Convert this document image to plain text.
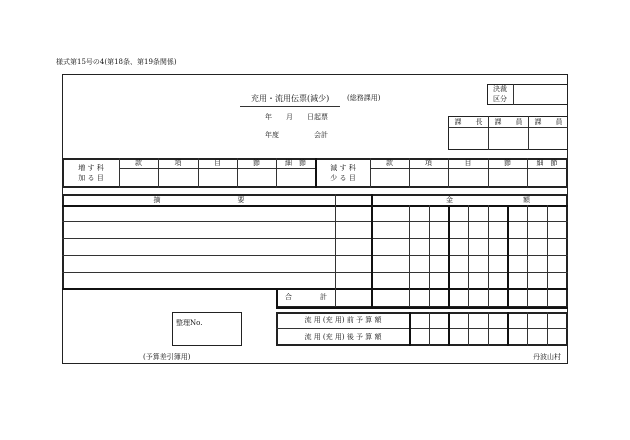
様式第15号の4(第18条、第19条関係)
充用・流用伝票(減少)	(総務課用)
年　　月　　日起票
年度　　　　　会計
決裁
区分
課　　長	課　　員	課　　員
増 す 科
加 る 目
減 す 科
少 る 目
款	項	目	節	細　節	款	項	目	節	細　節
摘　　　　　　　　　　　要	金　　　　　　　　　　額
合　　　　計
整理No.	流 用 (充 用) 前 予 算 額
流 用 (充 用) 後 予 算 額
(予算差引簿用)	丹波山村
